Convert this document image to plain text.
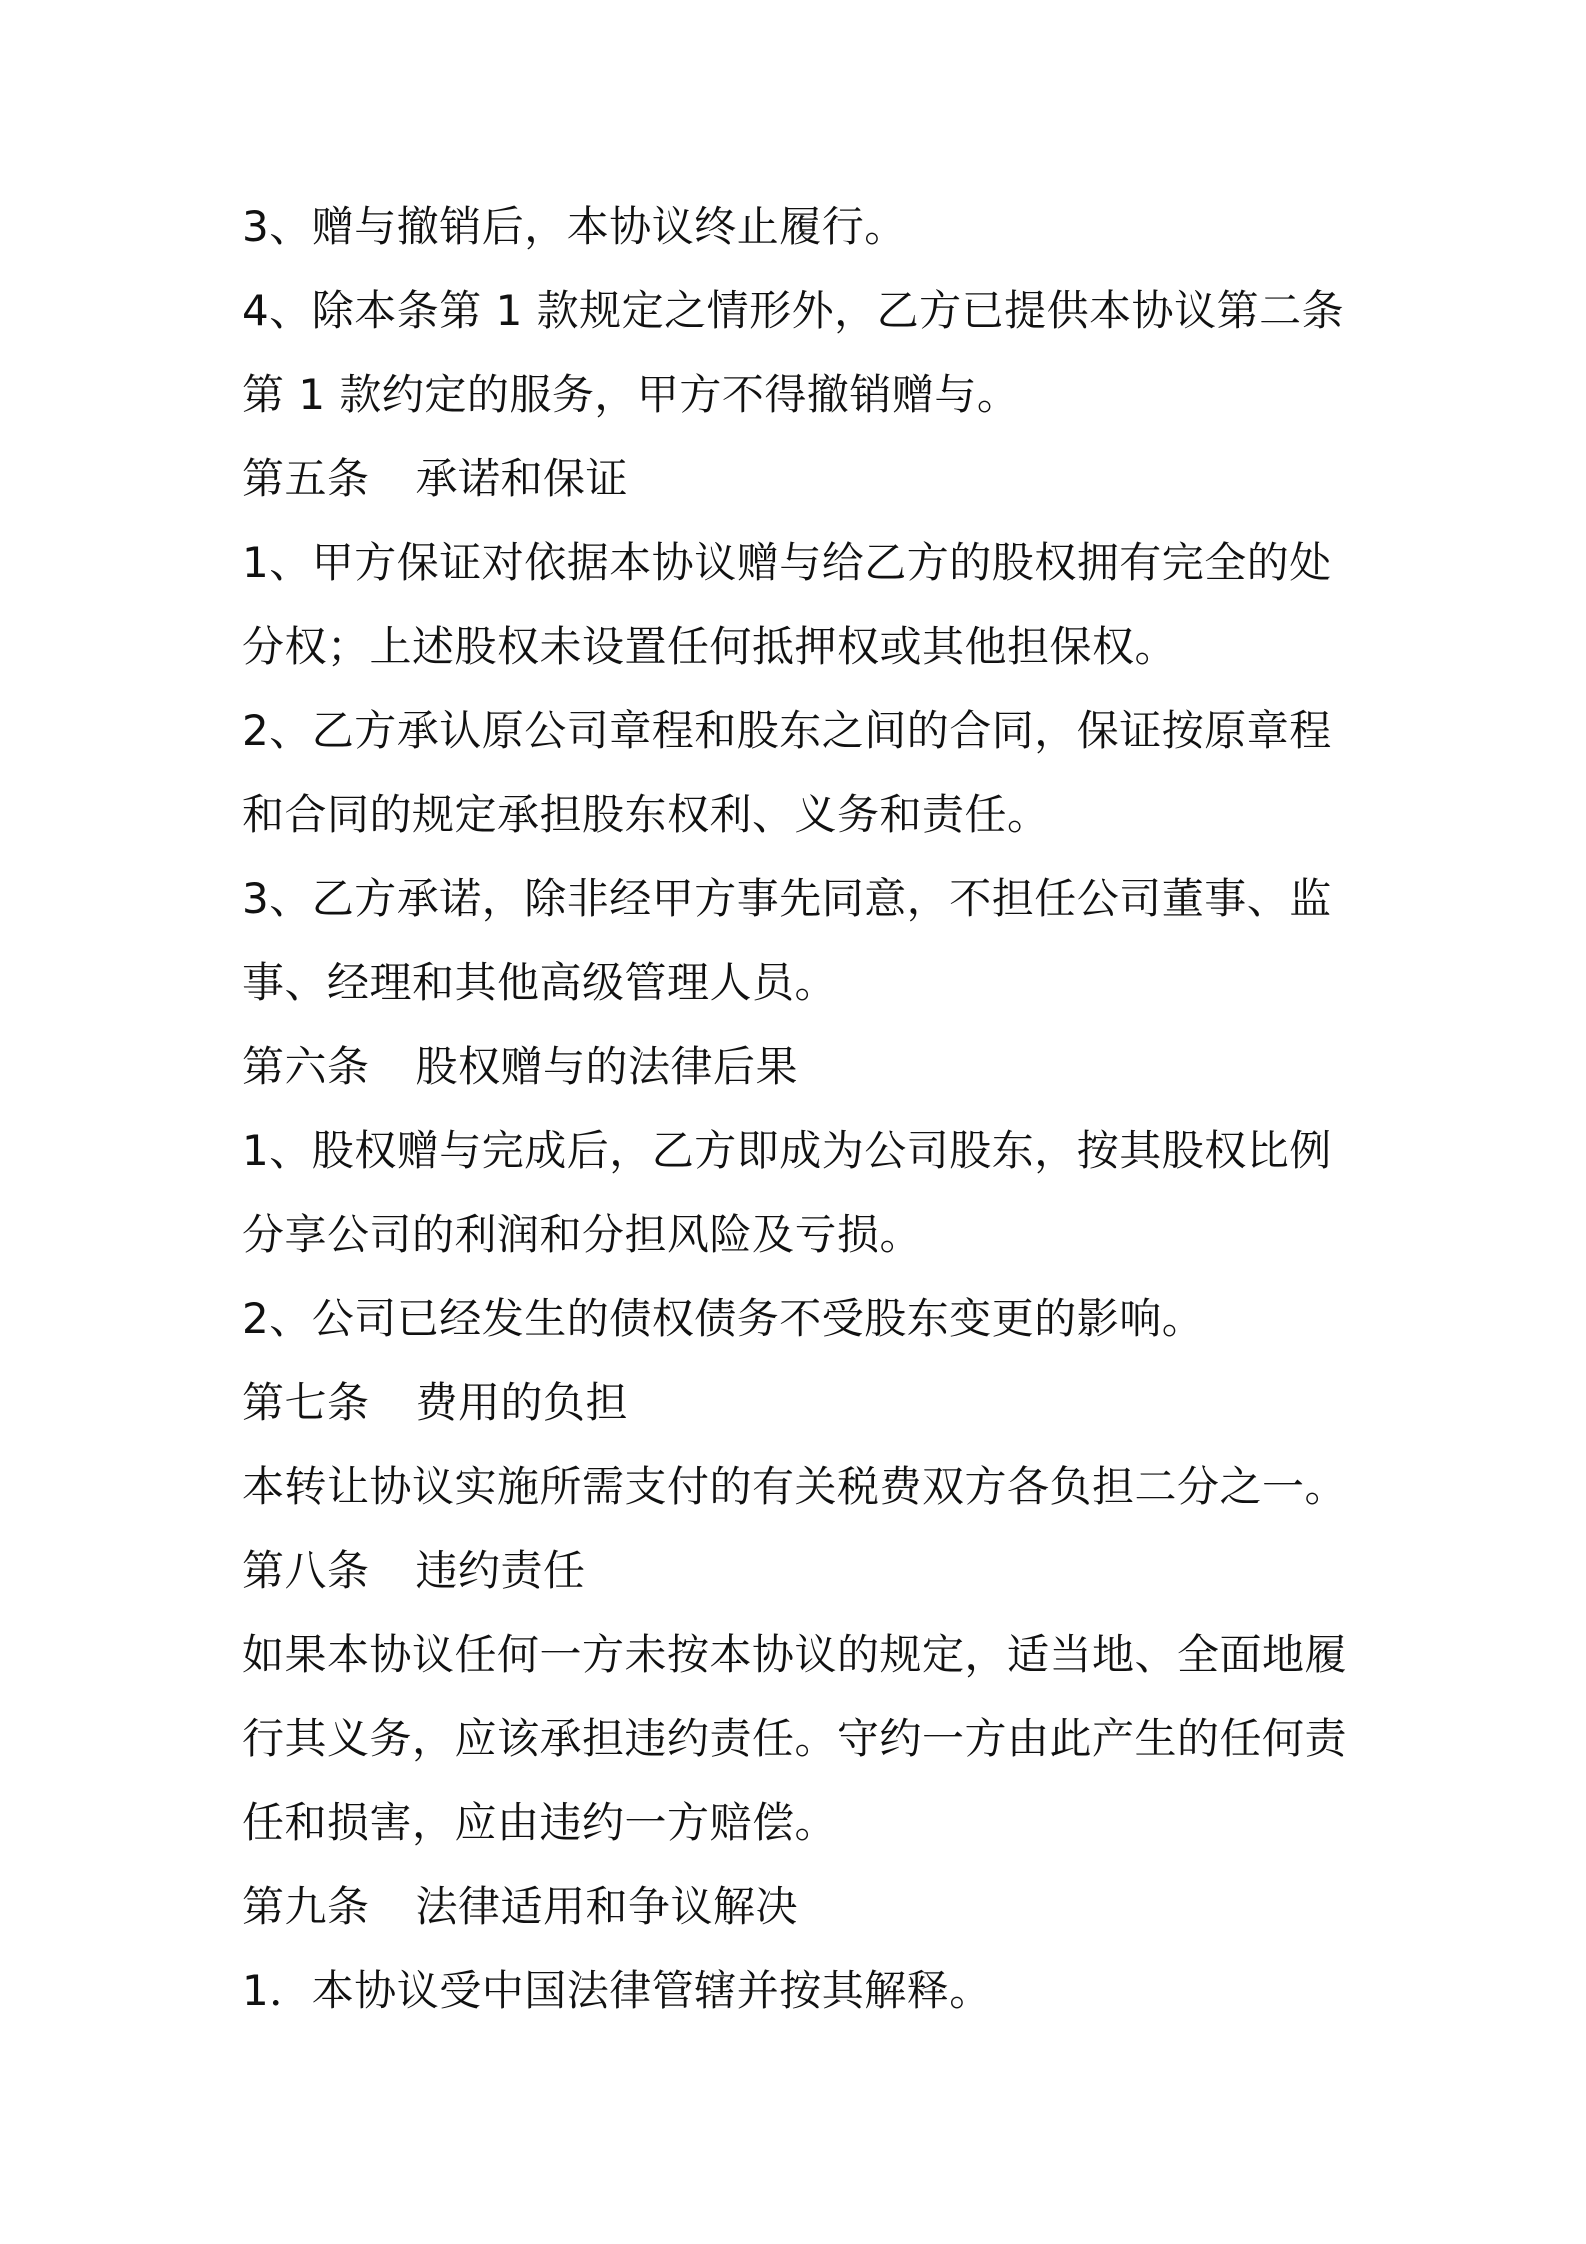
3、赠与撤销后，本协议终止履行。
4、除本条第 1 款规定之情形外，乙方已提供本协议第二条
第 1 款约定的服务，甲方不得撤销赠与。
第五条 承诺和保证
1、甲方保证对依据本协议赠与给乙方的股权拥有完全的处
分权；上述股权未设置任何抵押权或其他担保权。
2、乙方承认原公司章程和股东之间的合同，保证按原章程
和合同的规定承担股东权利、义务和责任。
3、乙方承诺，除非经甲方事先同意，不担任公司董事、监
事、经理和其他高级管理人员。
第六条 股权赠与的法律后果
1、股权赠与完成后，乙方即成为公司股东，按其股权比例
分享公司的利润和分担风险及亏损。
2、公司已经发生的债权债务不受股东变更的影响。
第七条 费用的负担
本转让协议实施所需支付的有关税费双方各负担二分之一。
第八条 违约责任
如果本协议任何一方未按本协议的规定，适当地、全面地履
行其义务，应该承担违约责任。守约一方由此产生的任何责
任和损害，应由违约一方赔偿。
第九条 法律适用和争议解决
1．本协议受中国法律管辖并按其解释。
